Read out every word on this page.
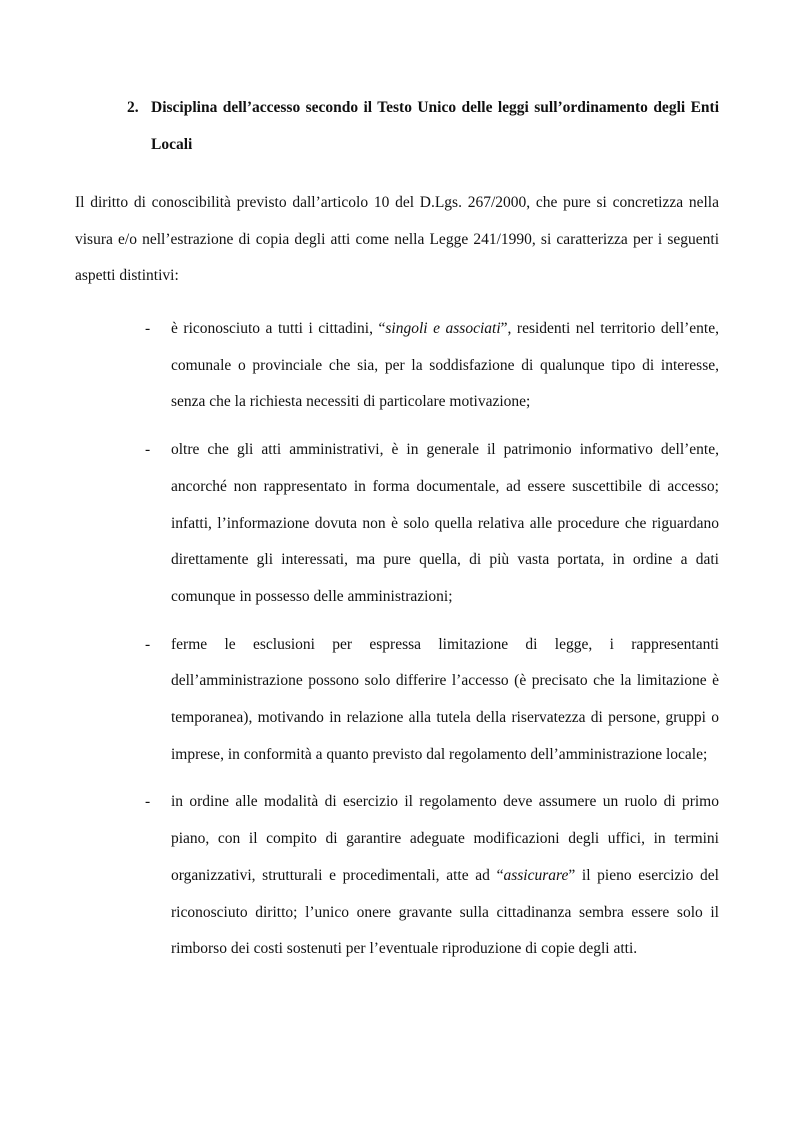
2. Disciplina dell’accesso secondo il Testo Unico delle leggi sull’ordinamento degli Enti Locali

Il diritto di conoscibilità previsto dall’articolo 10 del D.Lgs. 267/2000, che pure si concretizza nella visura e/o nell’estrazione di copia degli atti come nella Legge 241/1990, si caratterizza per i seguenti aspetti distintivi:

- è riconosciuto a tutti i cittadini, “singoli e associati”, residenti nel territorio dell’ente, comunale o provinciale che sia, per la soddisfazione di qualunque tipo di interesse, senza che la richiesta necessiti di particolare motivazione;
- oltre che gli atti amministrativi, è in generale il patrimonio informativo dell’ente, ancorché non rappresentato in forma documentale, ad essere suscettibile di accesso; infatti, l’informazione dovuta non è solo quella relativa alle procedure che riguardano direttamente gli interessati, ma pure quella, di più vasta portata, in ordine a dati comunque in possesso delle amministrazioni;
- ferme le esclusioni per espressa limitazione di legge, i rappresentanti dell’amministrazione possono solo differire l’accesso (è precisato che la limitazione è temporanea), motivando in relazione alla tutela della riservatezza di persone, gruppi o imprese, in conformità a quanto previsto dal regolamento dell’amministrazione locale;
- in ordine alle modalità di esercizio il regolamento deve assumere un ruolo di primo piano, con il compito di garantire adeguate modificazioni degli uffici, in termini organizzativi, strutturali e procedimentali, atte ad “assicurare” il pieno esercizio del riconosciuto diritto; l’unico onere gravante sulla cittadinanza sembra essere solo il rimborso dei costi sostenuti per l’eventuale riproduzione di copie degli atti.
